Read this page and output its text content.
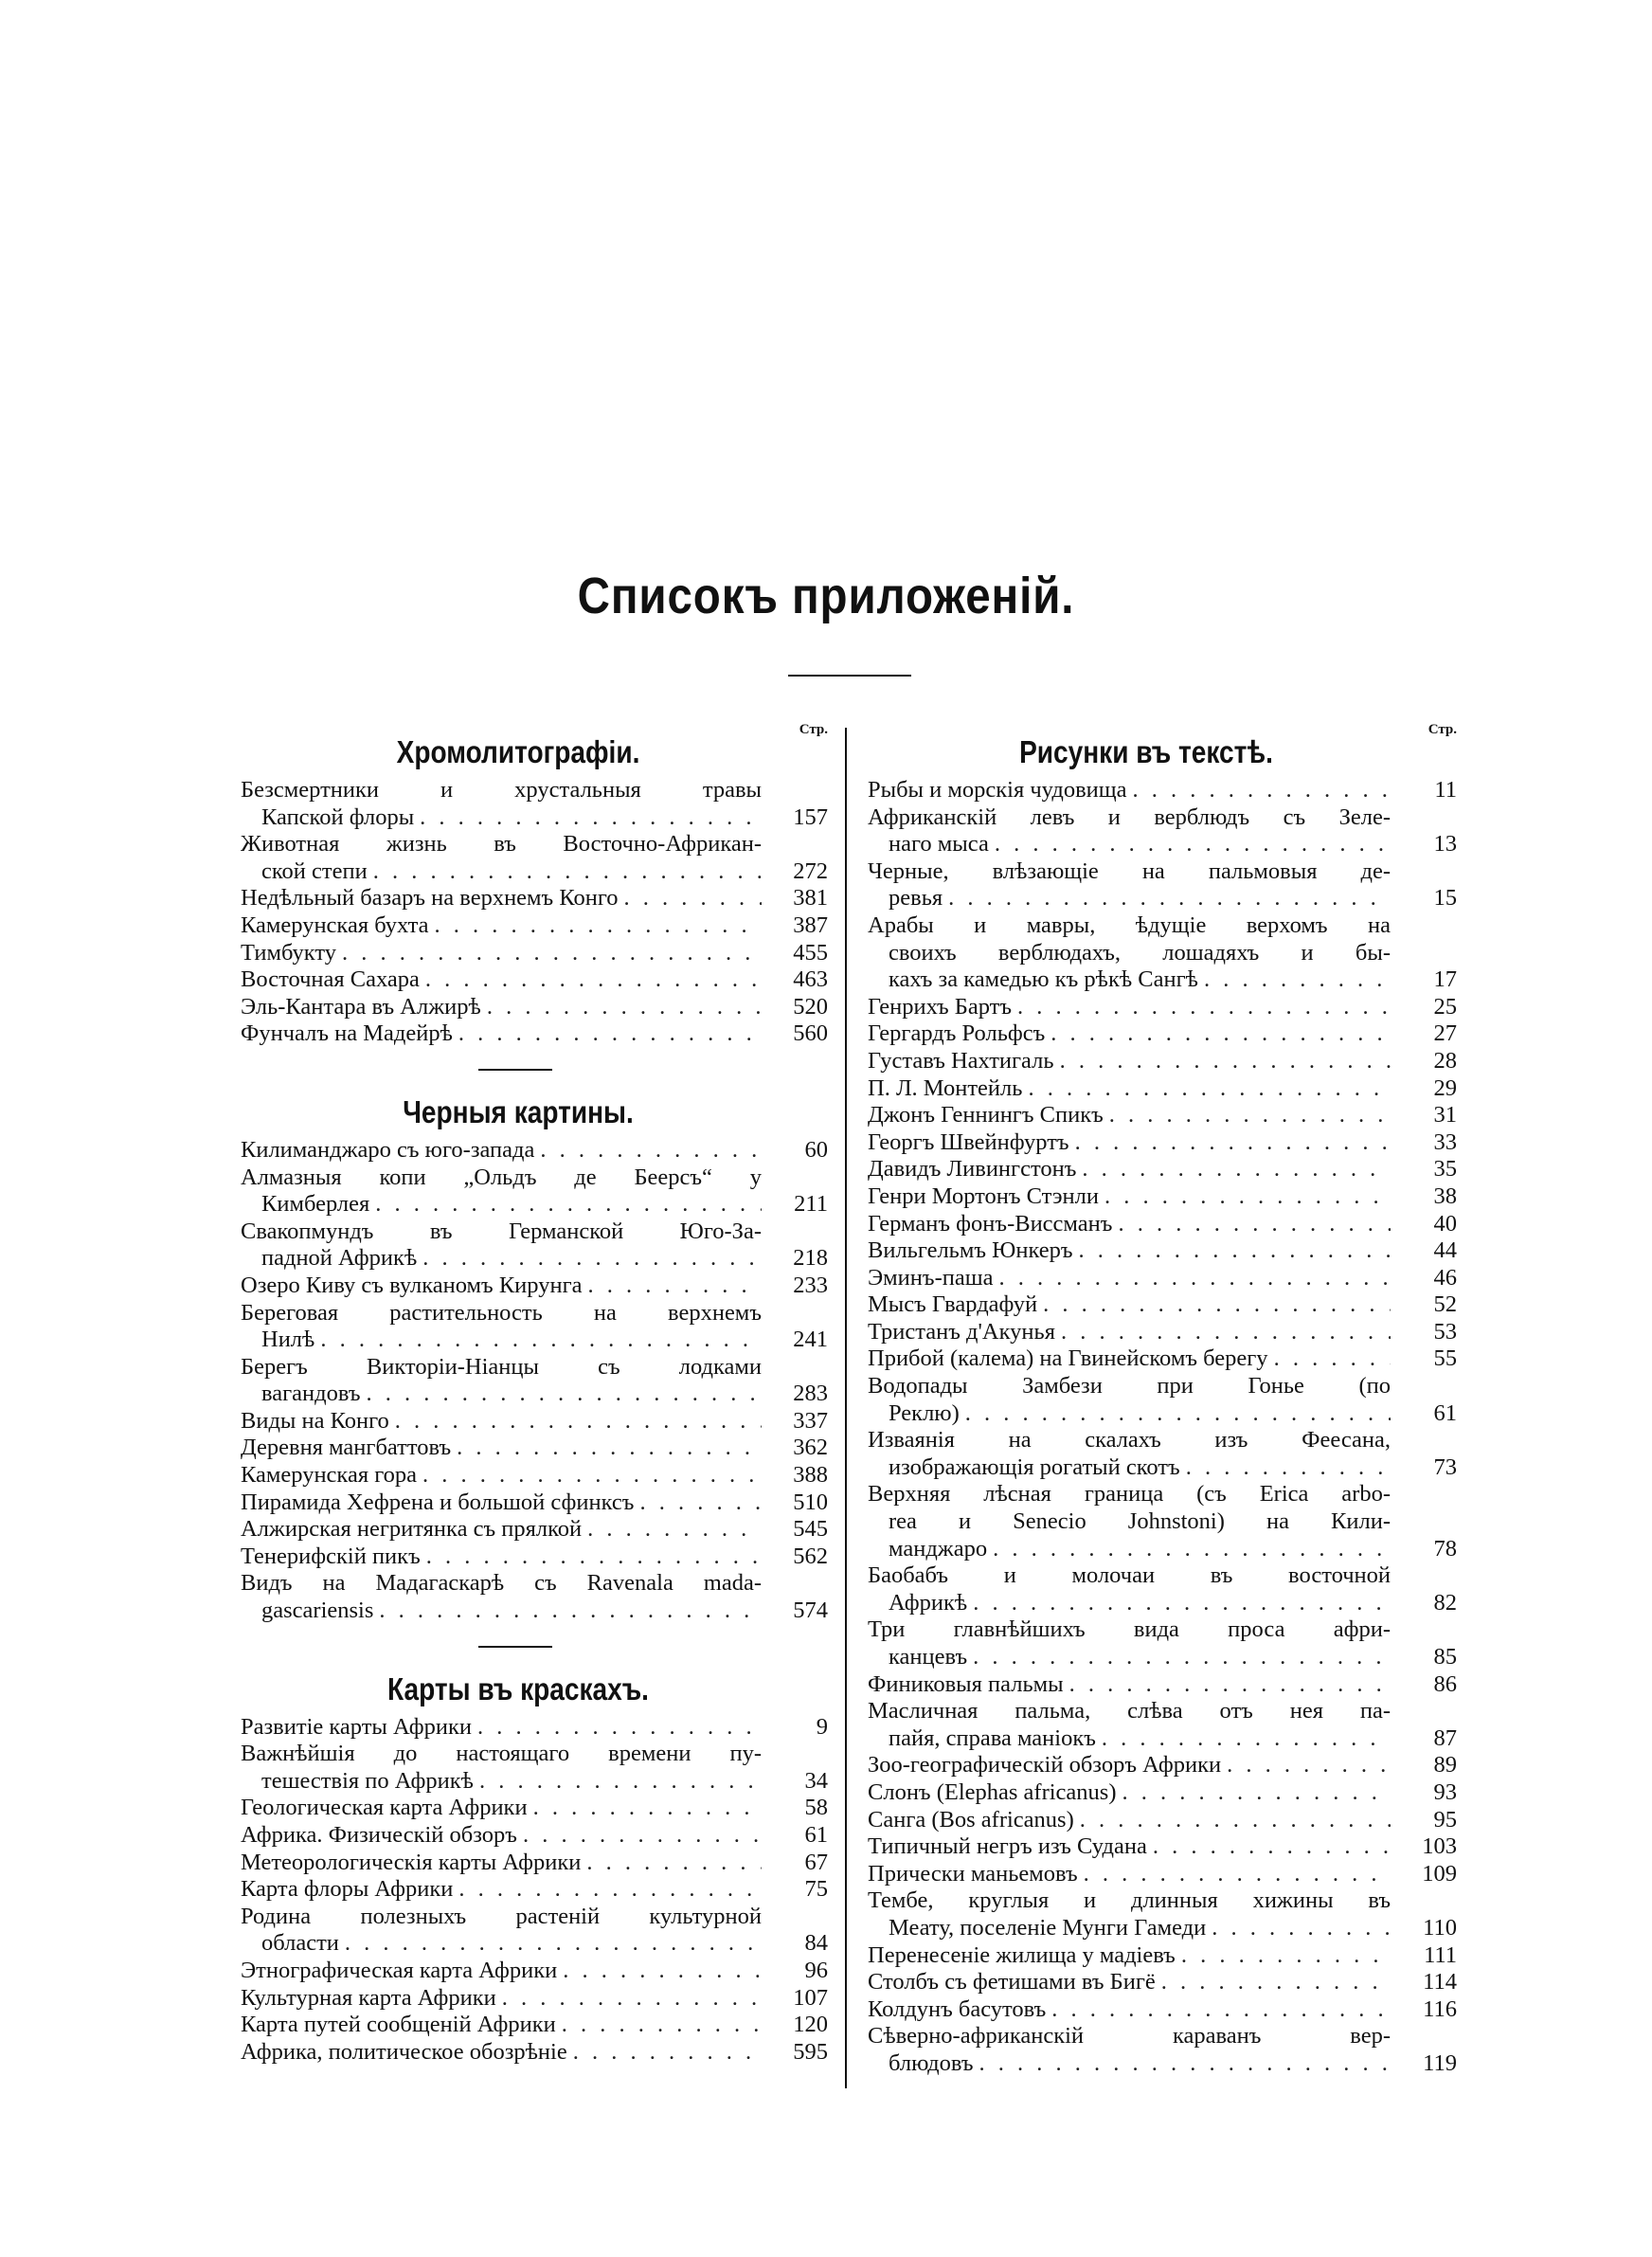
Списокъ приложенiй.
Стр.
Хромолитографiи.
Безсмертники и хрустальныя травы
Капской флоры . . .	157
Животная жизнь въ Восточно-Африкан-
ской степи . . .	272
Недѣльный базаръ на верхнемъ Конго . . .	381
Камерунская бухта . . .	387
Тимбукту . . .	455
Восточная Сахара . . .	463
Эль-Кантара въ Алжирѣ . . .	520
Фунчалъ на Мадейрѣ . . .	560
Черныя картины.
Килиманджаро съ юго-запада . . .	60
Алмазныя копи „Ольдъ де Беерсъ“ у
Кимберлея . . .	211
Свакопмундъ въ Германской Юго-За-
падной Африкѣ . . .	218
Озеро Киву съ вулканомъ Кирунга . . .	233
Береговая растительность на верхнемъ
Нилѣ . . .	241
Берегъ Викторiи-Нiанцы съ лодками
вагандовъ . . .	283
Виды на Конго . . .	337
Деревня мангбаттовъ . . .	362
Камерунская гора . . .	388
Пирамида Хефрена и большой сфинксъ . . .	510
Алжирская негритянка съ прялкой . . .	545
Тенерифскiй пикъ . . .	562
Видъ на Мадагаскарѣ съ Ravenala mada-
gascariensis . . .	574
Карты въ краскахъ.
Развитiе карты Африки . . .	9
Важнѣйшiя до настоящаго времени пу-
тешествiя по Африкѣ . . .	34
Геологическая карта Африки . . .	58
Африка. Физическiй обзоръ . . .	61
Метеорологическiя карты Африки . . .	67
Карта флоры Африки . . .	75
Родина полезныхъ растенiй культурной
области . . .	84
Этнографическая карта Африки . . .	96
Культурная карта Африки . . .	107
Карта путей сообщенiй Африки . . .	120
Африка, политическое обозрѣнiе . . .	595
Стр.
Рисунки въ текстѣ.
Рыбы и морскiя чудовища . . .	11
Африканскiй левъ и верблюдъ съ Зеле-
наго мыса . . .	13
Черные, влѣзающiе на пальмовыя де-
ревья . . .	15
Арабы и мавры, ѣдущiе верхомъ на
своихъ верблюдахъ, лошадяхъ и бы-
кахъ за камедью къ рѣкѣ Сангѣ . . .	17
Генрихъ Бартъ . . .	25
Гергардъ Рольфсъ . . .	27
Густавъ Нахтигаль . . .	28
П. Л. Монтейль . . .	29
Джонъ Геннингъ Спикъ . . .	31
Георгъ Швейнфуртъ . . .	33
Давидъ Ливингстонъ . . .	35
Генри Мортонъ Стэнли . . .	38
Германъ фонъ-Виссманъ . . .	40
Вильгельмъ Юнкеръ . . .	44
Эминъ-паша . . .	46
Мысъ Гвардафуй . . .	52
Тристанъ д'Акунья . . .	53
Прибой (калема) на Гвинейскомъ берегу . . .	55
Водопады Замбези при Гонье (по
Реклю) . . .	61
Изваянiя на скалахъ изъ Феесана,
изображающiя рогатый скотъ . . .	73
Верхняя лѣсная граница (съ Erica arbo-
rea и Senecio Johnstoni) на Кили-
манджаро . . .	78
Баобабъ и молочаи въ восточной
Африкѣ . . .	82
Три главнѣйшихъ вида проса афри-
канцевъ . . .	85
Финиковыя пальмы . . .	86
Масличная пальма, слѣва отъ нея па-
пайя, справа манiокъ . . .	87
Зоо-географическiй обзоръ Африки . . .	89
Слонъ (Elephas africanus) . . .	93
Санга (Bos africanus) . . .	95
Типичный негръ изъ Судана . . .	103
Прически маньемовъ . . .	109
Тембе, круглыя и длинныя хижины въ
Меату, поселенiе Мунги Гамеди . . .	110
Перенесенiе жилища у мадiевъ . . .	111
Столбъ съ фетишами въ Бигё . . .	114
Колдунъ басутовъ . . .	116
Сѣверно-африканскiй караванъ вер-
блюдовъ . . .	119
